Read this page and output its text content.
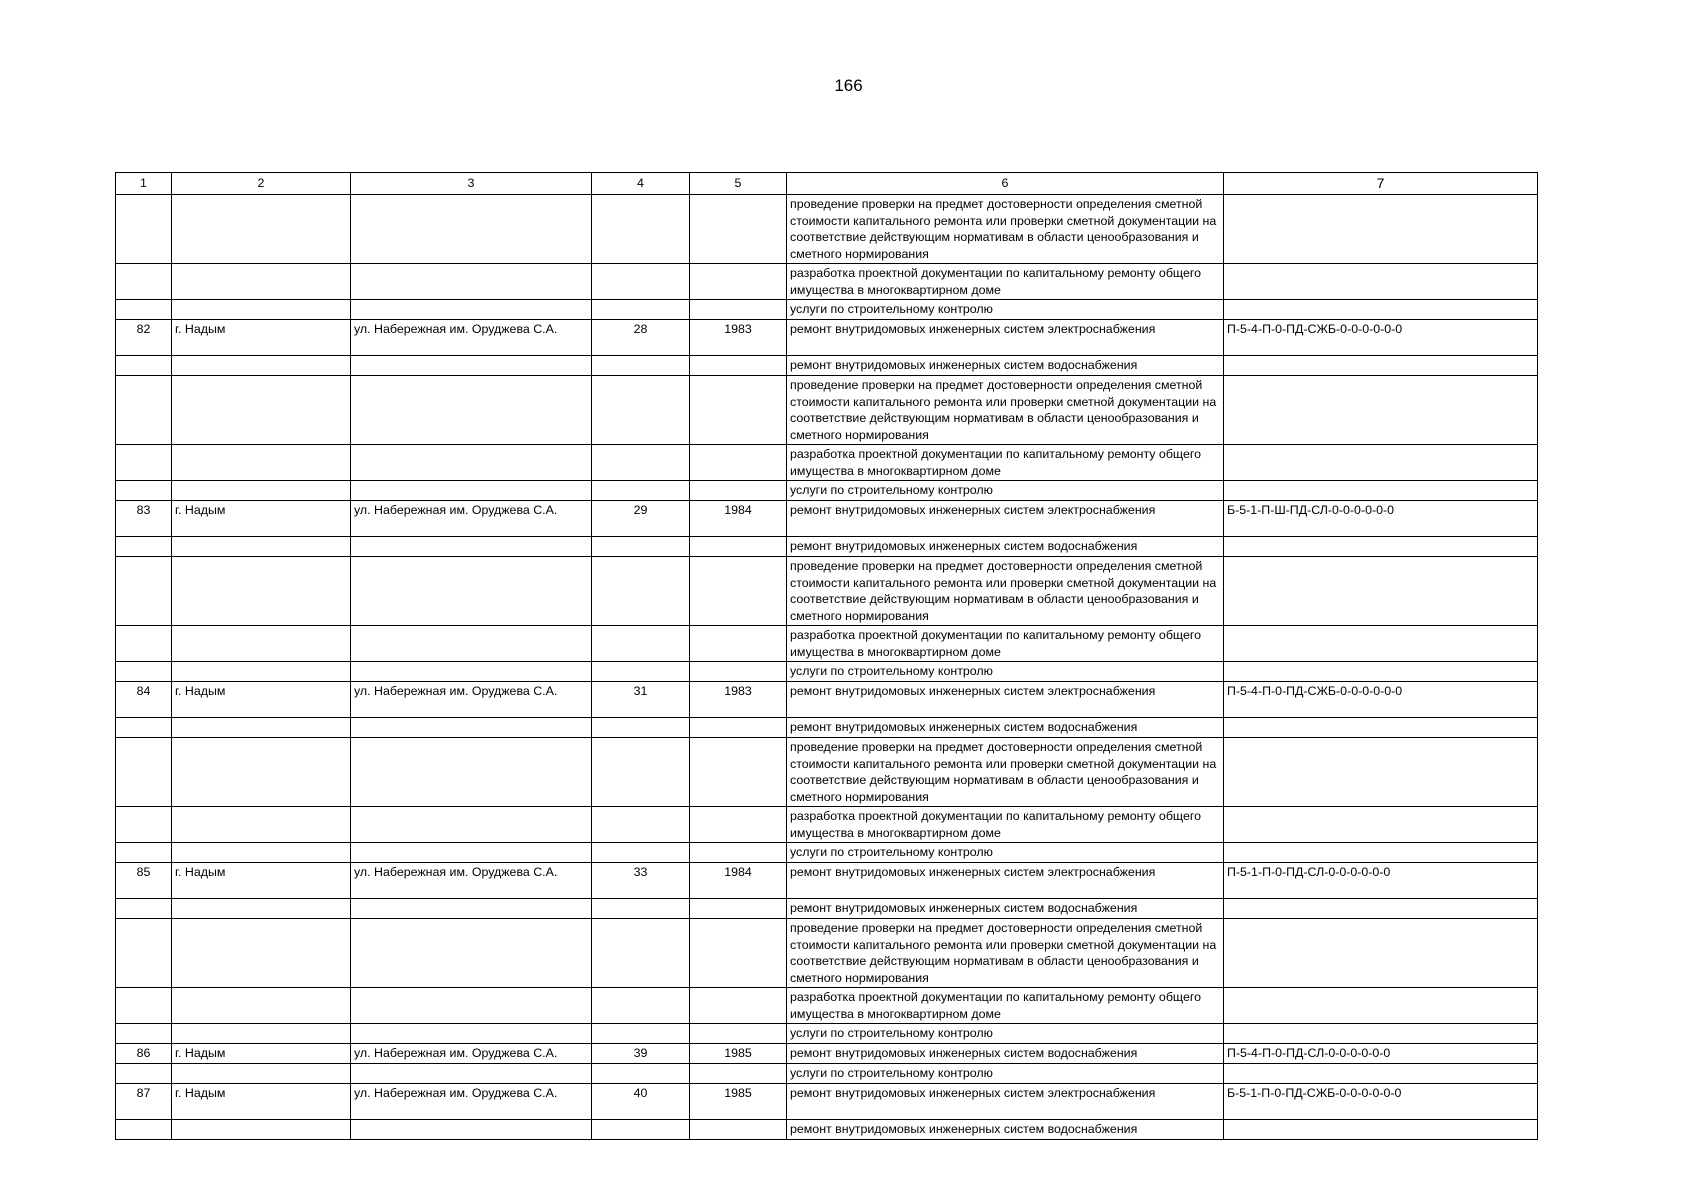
166
1	2	3	4	5	6	7
					проведение проверки на предмет достоверности определения сметной стоимости капитального ремонта или проверки сметной документации на соответствие действующим нормативам в области ценообразования и сметного нормирования	
					разработка проектной документации по капитальному ремонту общего имущества в многоквартирном доме	
					услуги по строительному контролю	
82	г. Надым	ул. Набережная им. Оруджева С.А.	28	1983	ремонт внутридомовых инженерных систем электроснабжения	П-5-4-П-0-ПД-СЖБ-0-0-0-0-0-0
					ремонт внутридомовых инженерных систем водоснабжения	
					проведение проверки на предмет достоверности определения сметной стоимости капитального ремонта или проверки сметной документации на соответствие действующим нормативам в области ценообразования и сметного нормирования	
					разработка проектной документации по капитальному ремонту общего имущества в многоквартирном доме	
					услуги по строительному контролю	
83	г. Надым	ул. Набережная им. Оруджева С.А.	29	1984	ремонт внутридомовых инженерных систем электроснабжения	Б-5-1-П-Ш-ПД-СЛ-0-0-0-0-0-0
					ремонт внутридомовых инженерных систем водоснабжения	
					проведение проверки на предмет достоверности определения сметной стоимости капитального ремонта или проверки сметной документации на соответствие действующим нормативам в области ценообразования и сметного нормирования	
					разработка проектной документации по капитальному ремонту общего имущества в многоквартирном доме	
					услуги по строительному контролю	
84	г. Надым	ул. Набережная им. Оруджева С.А.	31	1983	ремонт внутридомовых инженерных систем электроснабжения	П-5-4-П-0-ПД-СЖБ-0-0-0-0-0-0
					ремонт внутридомовых инженерных систем водоснабжения	
					проведение проверки на предмет достоверности определения сметной стоимости капитального ремонта или проверки сметной документации на соответствие действующим нормативам в области ценообразования и сметного нормирования	
					разработка проектной документации по капитальному ремонту общего имущества в многоквартирном доме	
					услуги по строительному контролю	
85	г. Надым	ул. Набережная им. Оруджева С.А.	33	1984	ремонт внутридомовых инженерных систем электроснабжения	П-5-1-П-0-ПД-СЛ-0-0-0-0-0-0
					ремонт внутридомовых инженерных систем водоснабжения	
					проведение проверки на предмет достоверности определения сметной стоимости капитального ремонта или проверки сметной документации на соответствие действующим нормативам в области ценообразования и сметного нормирования	
					разработка проектной документации по капитальному ремонту общего имущества в многоквартирном доме	
					услуги по строительному контролю	
86	г. Надым	ул. Набережная им. Оруджева С.А.	39	1985	ремонт внутридомовых инженерных систем водоснабжения	П-5-4-П-0-ПД-СЛ-0-0-0-0-0-0
					услуги по строительному контролю	
87	г. Надым	ул. Набережная им. Оруджева С.А.	40	1985	ремонт внутридомовых инженерных систем электроснабжения	Б-5-1-П-0-ПД-СЖБ-0-0-0-0-0-0
					ремонт внутридомовых инженерных систем водоснабжения	
